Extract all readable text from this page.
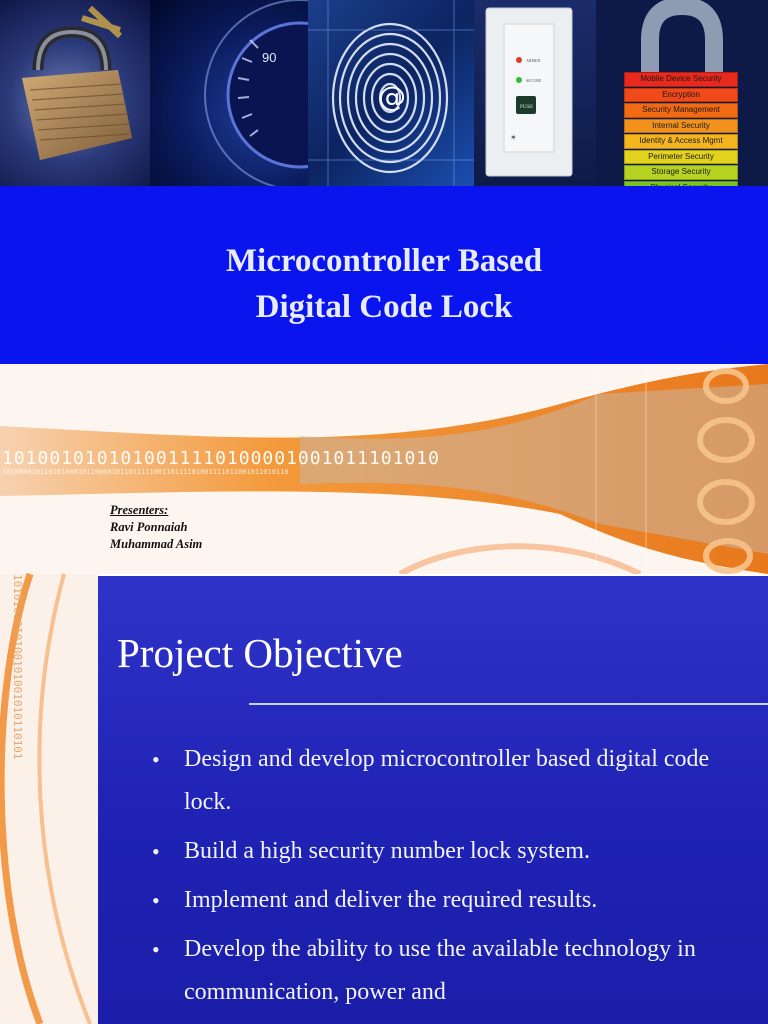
90
@
ARMED
SECURE
PUSH
✶
Mobile Device Security
Encryption
Security Management
Internal Security
Identity & Access Mgmt
Perimeter Security
Storage Security
Microcontroller Based
Digital Code Lock
1010010101010011110100001001011101010
10100001011010100010110000101101111100110111101001111011001011010110
Presenters:
Ravi Ponnaiah
Muhammad Asim
1010101010100101001010110101 Project Objective
• Design and develop microcontroller based digital code lock.
• Build a high security number lock system.
• Implement and deliver the required results.
• Develop the ability to use the available technology in communication, power and
